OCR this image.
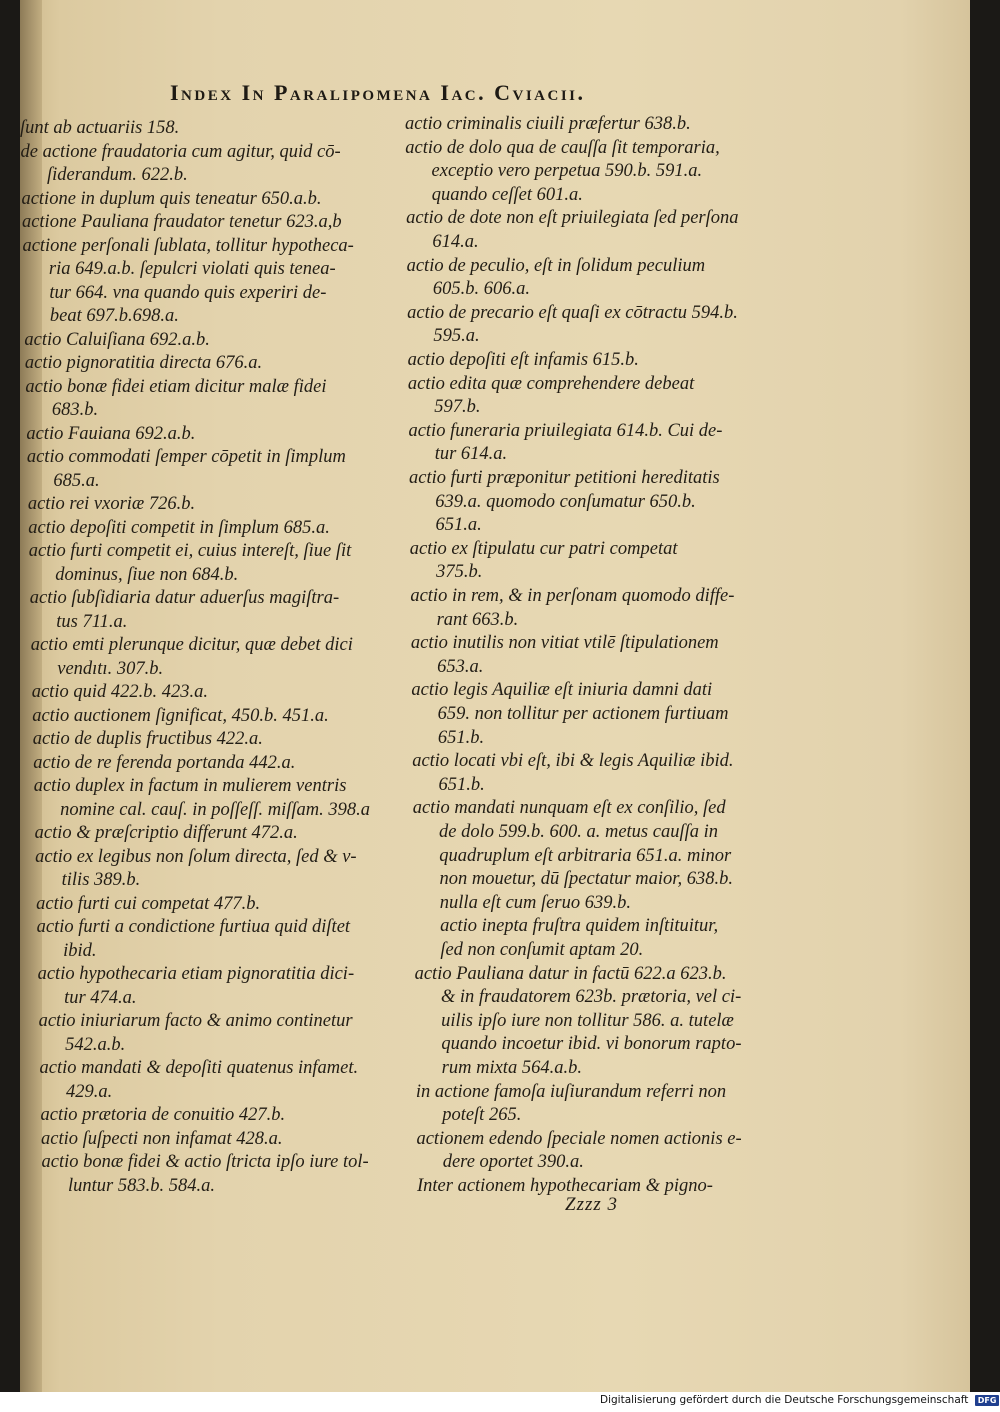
Index In Paralipomena Iac. Cviacii.
ſunt ab actuariis 158.
de actione fraudatoria cum agitur, quid cō-
ſiderandum. 622.b.
actione in duplum quis teneatur 650.a.b.
actione Pauliana fraudator tenetur 623.a,b
actione perſonali ſublata, tollitur hypotheca-
ria 649.a.b. ſepulcri violati quis tenea-
tur 664. vna quando quis experiri de-
beat 697.b.698.a.
actio Caluiſiana 692.a.b.
actio pignoratitia directa 676.a.
actio bonæ fidei etiam dicitur malæ fidei
683.b.
actio Fauiana 692.a.b.
actio commodati ſemper cōpetit in ſimplum
685.a.
actio rei vxoriæ 726.b.
actio depoſiti competit in ſimplum 685.a.
actio furti competit ei, cuius intereſt, ſiue ſit
dominus, ſiue non 684.b.
actio ſubſidiaria datur aduerſus magiſtra-
tus 711.a.
actio emti plerunque dicitur, quæ debet dici
vendıtı. 307.b.
actio quid 422.b. 423.a.
actio auctionem ſignificat, 450.b. 451.a.
actio de duplis fructibus 422.a.
actio de re ferenda portanda 442.a.
actio duplex in factum in mulierem ventris
nomine cal. cauſ. in poſſeſſ. miſſam. 398.a
actio & præſcriptio differunt 472.a.
actio ex legibus non ſolum directa, ſed & v-
tilis 389.b.
actio furti cui competat 477.b.
actio furti a condictione furtiua quid diſtet
ibid.
actio hypothecaria etiam pignoratitia dici-
tur 474.a.
actio iniuriarum facto & animo continetur
542.a.b.
actio mandati & depoſiti quatenus infamet.
429.a.
actio prætoria de conuitio 427.b.
actio ſuſpecti non infamat 428.a.
actio bonæ fidei & actio ſtricta ipſo iure tol-
luntur 583.b. 584.a.
actio criminalis ciuili præfertur 638.b.
actio de dolo qua de cauſſa ſit temporaria,
exceptio vero perpetua 590.b. 591.a.
quando ceſſet 601.a.
actio de dote non eſt priuilegiata ſed perſona
614.a.
actio de peculio, eſt in ſolidum peculium
605.b. 606.a.
actio de precario eſt quaſi ex cōtractu 594.b.
595.a.
actio depoſiti eſt infamis 615.b.
actio edita quæ comprehendere debeat
597.b.
actio funeraria priuilegiata 614.b. Cui de-
tur 614.a.
actio furti præponitur petitioni hereditatis
639.a. quomodo conſumatur 650.b.
651.a.
actio ex ſtipulatu cur patri competat
375.b.
actio in rem, & in perſonam quomodo diffe-
rant 663.b.
actio inutilis non vitiat vtilē ſtipulationem
653.a.
actio legis Aquiliæ eſt iniuria damni dati
659. non tollitur per actionem furtiuam
651.b.
actio locati vbi eſt, ibi & legis Aquiliæ ibid.
651.b.
actio mandati nunquam eſt ex conſilio, ſed
de dolo 599.b. 600. a. metus cauſſa in
quadruplum eſt arbitraria 651.a. minor
non mouetur, dū ſpectatur maior, 638.b.
nulla eſt cum ſeruo 639.b.
actio inepta fruſtra quidem inſtituitur,
ſed non conſumit aptam 20.
actio Pauliana datur in factū 622.a 623.b.
& in fraudatorem 623b. prætoria, vel ci-
uilis ipſo iure non tollitur 586. a. tutelæ
quando incoetur ibid. vi bonorum rapto-
rum mixta 564.a.b.
in actione famoſa iuſiurandum referri non
poteſt 265.
actionem edendo ſpeciale nomen actionis e-
dere oportet 390.a.
Inter actionem hypothecariam & pigno-
Zzzz 3
Digitalisierung gefördert durch die Deutsche Forschungsgemeinschaft DFG
